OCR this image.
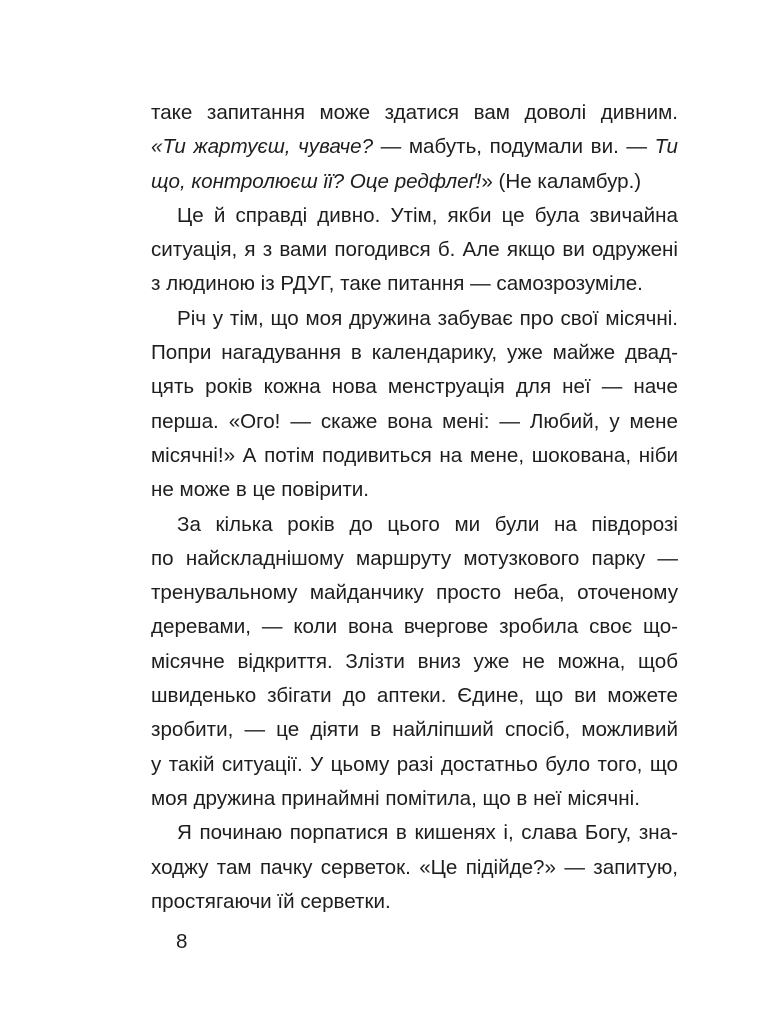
таке запитання може здатися вам доволі дивним.
«Ти жартуєш, чуваче? — мабуть, подумали ви. — Ти
що, контролюєш її? Оце редфлеґ!» (Не каламбур.)
Це й справді дивно. Утім, якби це була звичайна
ситуація, я з вами погодився б. Але якщо ви одружені
з людиною із РДУГ, таке питання — самозрозуміле.
Річ у тім, що моя дружина забуває про свої місячні.
Попри нагадування в календарику, уже майже двад-
цять років кожна нова менструація для неї — наче
перша. «Ого! — скаже вона мені: — Любий, у мене
місячні!» А потім подивиться на мене, шокована, ніби
не може в це повірити.
За кілька років до цього ми були на півдорозі
по найскладнішому маршруту мотузкового парку —
тренувальному майданчику просто неба, оточеному
деревами, — коли вона вчергове зробила своє що-
місячне відкриття. Злізти вниз уже не можна, щоб
швиденько збігати до аптеки. Єдине, що ви можете
зробити, — це діяти в найліпший спосіб, можливий
у такій ситуації. У цьому разі достатньо було того, що
моя дружина принаймні помітила, що в неї місячні.
Я починаю порпатися в кишенях і, слава Богу, зна-
ходжу там пачку серветок. «Це підійде?» — запитую,
простягаючи їй серветки.
8
